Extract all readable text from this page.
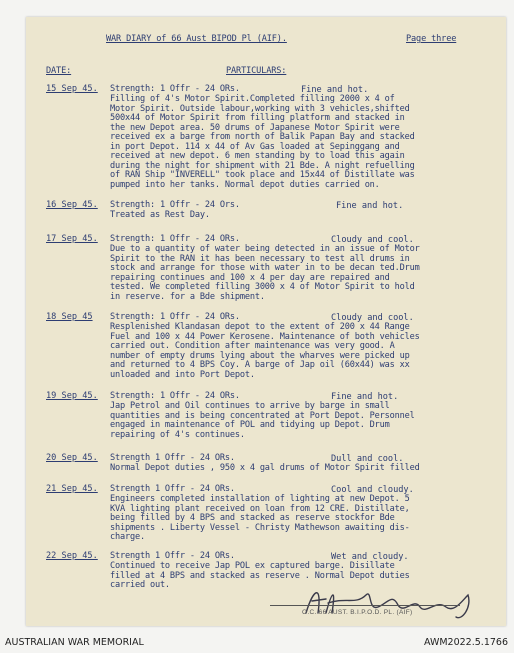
WAR DIARY of 66 Aust BIPOD Pl (AIF).	Page three
DATE:	PARTICULARS:
15 Sep 45. Strength: 1 Offr - 24 ORs.	Fine and hot.
Filling of 4's Motor Spirit.Completed filling 2000 x 4 of
Motor Spirit. Outside labour,working with 3 vehicles,shifted
500x44 of Motor Spirit from filling platform and stacked in
the new Depot area. 50 drums of Japanese Motor Spirit were
received ex a barge from north of Balik Papan Bay and stacked
in port Depot. 114 x 44 of Av Gas loaded at Sepinggang and
received at new depot. 6 men standing by to load this again
during the night for shipment with 21 Bde. A night refuelling
of RAN Ship "INVERELL" took place and 15x44 of Distillate was
pumped into her tanks. Normal depot duties carried on.
16 Sep 45. Strength: 1 Offr - 24 Ors.	Fine and hot.
Treated as Rest Day.
17 Sep 45. Strength: 1 Offr - 24 ORs.	Cloudy and cool.
Due to a quantity of water being detected in an issue of Motor
Spirit to the RAN it has been necessary to test all drums in
stock and arrange for those with water in to be decan ted.Drum
repairing continues and 100 x 4 per day are repaired and
tested. We completed filling 3000 x 4 of Motor Spirit to hold
in reserve. for a Bde shipment.
18 Sep 45 Strength: 1 Offr - 24 ORs.	Cloudy and cool.
Resplenished Klandasan depot to the extent of 200 x 44 Range
Fuel and 100 x 44 Power Kerosene. Maintenance of both vehicles
carried out. Condition after maintenance was very good. A
number of empty drums lying about the wharves were picked up
and returned to 4 BPS Coy. A barge of Jap oil (60x44) was xx
unloaded and into Port Depot.
19 Sep 45. Strength: 1 Offr - 24 ORs.	Fine and hot.
Jap Petrol and Oil continues to arrive by barge in small
quantities and is being concentrated at Port Depot. Personnel
engaged in maintenance of POL and tidying up Depot. Drum
repairing of 4's continues.
20 Sep 45. Strength 1 Offr - 24 ORs.	Dull and cool.
Normal Depot duties , 950 x 4 gal drums of Motor Spirit filled
21 Sep 45. Strength 1 Offr - 24 ORs.	Cool and cloudy.
Engineers completed installation of lighting at new Depot. 5
KVA lighting plant received on loan from 12 CRE. Distillate,
being filled by 4 BPS and stacked as reserve stockfor Bde
shipments . Liberty Vessel - Christy Mathewson awaiting dis-
charge.
22 Sep 45. Strength 1 Offr - 24 ORs.	Wet and cloudy.
Continued to receive Jap POL ex captured barge. Disillate
filled at 4 BPS and stacked as reserve . Normal Depot duties
carried out.
O.C. 66 AUST. B.I.P.O.D. PL. (AIF)
AUSTRALIAN WAR MEMORIAL	AWM2022.5.1766
